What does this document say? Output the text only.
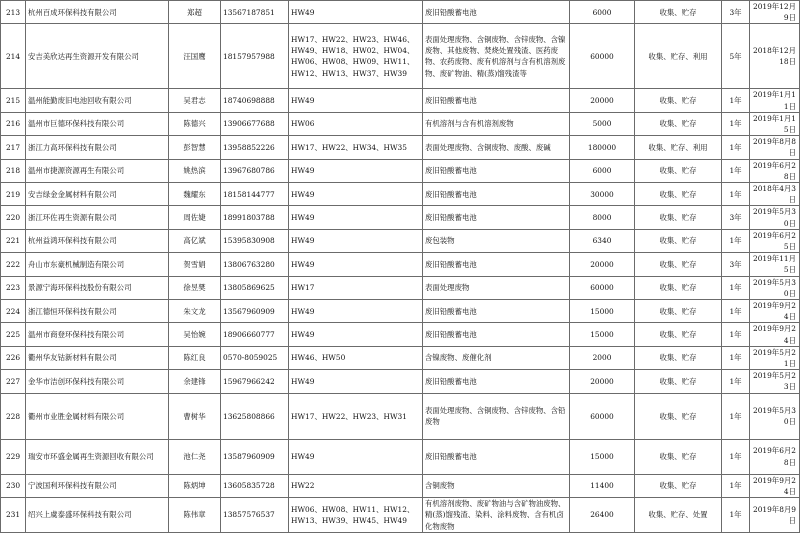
213	杭州百成环保科技有限公司	郑超	13567187851	HW49	废旧铅酸蓄电池	6000	收集、贮存	3年	2019年12月9日
214	安吉美欣达再生资源开发有限公司	汪国鹰	18157957988	HW17、HW22、HW23、HW46、HW49、HW18、HW02、HW04、HW06、HW08、HW09、HW11、HW12、HW13、HW37、HW39	表面处理废物、含铜废物、含锌废物、含镍废物、其他废物、焚烧处置残渣、医药废物、农药废物、废有机溶剂与含有机溶剂废物、废矿物油、精(蒸)馏残渣等	60000	收集、贮存、利用	5年	2018年12月18日
215	温州能勤废旧电池回收有限公司	吴君志	18740698888	HW49	废旧铅酸蓄电池	20000	收集、贮存	1年	2019年1月11日
216	温州市巨德环保科技有限公司	陈德兴	13906677688	HW06	有机溶剂与含有机溶剂废物	5000	收集、贮存	1年	2019年1月15日
217	浙江力高环保科技有限公司	彭智慧	13958852226	HW17、HW22、HW34、HW35	表面处理废物、含铜废物、废酸、废碱	180000	收集、贮存、利用	1年	2019年8月8日
218	温州市捷源资源再生有限公司	姚热滨	13967680786	HW49	废旧铅酸蓄电池	6000	收集、贮存	1年	2019年6月28日
219	安吉绿金金属材料有限公司	魏耀东	18158144777	HW49	废旧铅酸蓄电池	30000	收集、贮存	1年	2018年4月3日
220	浙江环佐再生资源有限公司	周佐婕	18991803788	HW49	废旧铅酸蓄电池	8000	收集、贮存	3年	2019年5月30日
221	杭州益鸿环保科技有限公司	高亿斌	15395830908	HW49	废包装物	6340	收集、贮存	1年	2019年6月25日
222	舟山市东豪机械制造有限公司	贺雪娟	13806763280	HW49	废旧铅酸蓄电池	20000	收集、贮存	3年	2019年11月5日
223	景源宁海环保科技股份有限公司	徐昱樊	13805869625	HW17	表面处理废物	60000	收集、贮存	1年	2019年5月30日
224	浙江德恒环保科技有限公司	朱文龙	13567960909	HW49	废旧铅酸蓄电池	15000	收集、贮存	1年	2019年9月24日
225	温州市商登环保科技有限公司	吴怡婉	18906660777	HW49	废旧铅酸蓄电池	15000	收集、贮存	1年	2019年9月24日
226	衢州华友钴新材料有限公司	陈红良	0570-8059025	HW46、HW50	含镍废物、废催化剂	2000	收集、贮存	1年	2019年5月21日
227	金华市洁创环保科技有限公司	余建锋	15967966242	HW49	废旧铅酸蓄电池	20000	收集、贮存	1年	2019年5月23日
228	衢州市业胜金属材料有限公司	曹树华	13625808866	HW17、HW22、HW23、HW31	表面处理废物、含铜废物、含锌废物、含铅废物	60000	收集、贮存	1年	2019年5月30日
229	瑞安市环盛金属再生资源回收有限公司	池仁尧	13587960909	HW49	废旧铅酸蓄电池	15000	收集、贮存	1年	2019年6月28日
230	宁波国利环保科技有限公司	陈炳坤	13605835728	HW22	含铜废物	11400	收集、贮存	1年	2019年9月24日
231	绍兴上虞泰盛环保科技有限公司	陈伟章	13857576537	HW06、HW08、HW11、HW12、HW13、HW39、HW45、HW49	有机溶剂废物、废矿物油与含矿物油废物、精(蒸)馏残渣、染料、涂料废物、含有机卤化物废物	26400	收集、贮存、处置	1年	2019年8月9日
